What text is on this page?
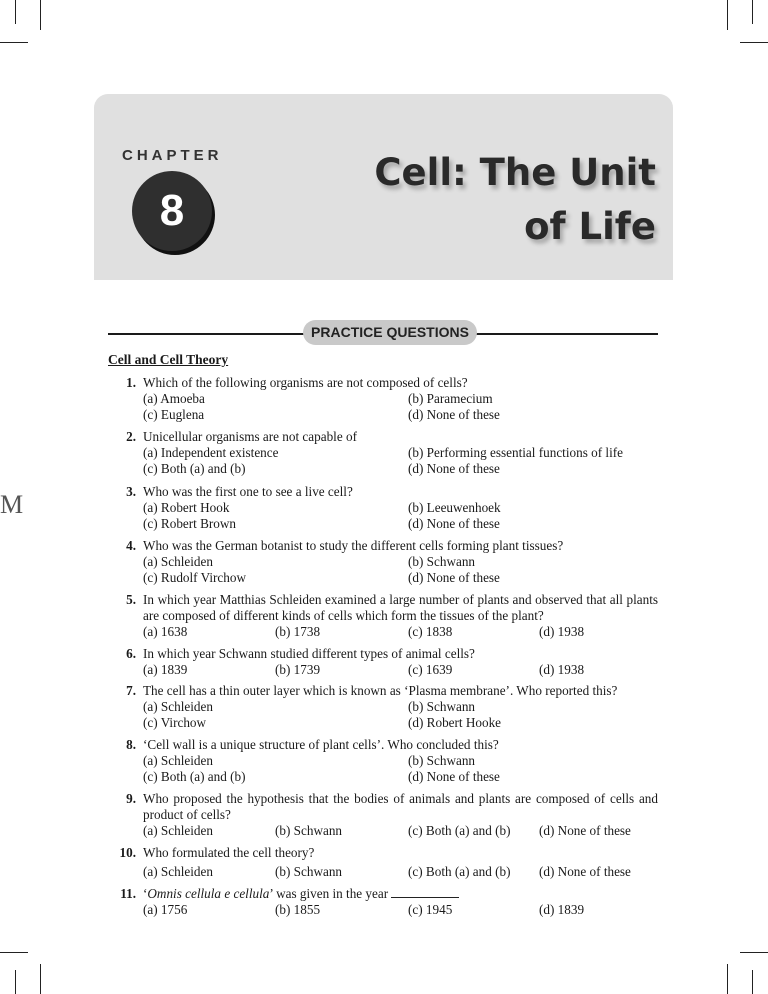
CHAPTER
8
Cell: The Unit
of Life
PRACTICE QUESTIONS
Cell and Cell Theory
M
1. Which of the following organisms are not composed of cells?
(a) Amoeba	(b) Paramecium
(c) Euglena	(d) None of these
2. Unicellular organisms are not capable of
(a) Independent existence	(b) Performing essential functions of life
(c) Both (a) and (b)	(d) None of these
3. Who was the first one to see a live cell?
(a) Robert Hook	(b) Leeuwenhoek
(c) Robert Brown	(d) None of these
4. Who was the German botanist to study the different cells forming plant tissues?
(a) Schleiden	(b) Schwann
(c) Rudolf Virchow	(d) None of these
5. In which year Matthias Schleiden examined a large number of plants and observed that all plants are composed of different kinds of cells which form the tissues of the plant?
(a) 1638	(b) 1738	(c) 1838	(d) 1938
6. In which year Schwann studied different types of animal cells?
(a) 1839	(b) 1739	(c) 1639	(d) 1938
7. The cell has a thin outer layer which is known as ‘Plasma membrane’. Who reported this?
(a) Schleiden	(b) Schwann
(c) Virchow	(d) Robert Hooke
8. ‘Cell wall is a unique structure of plant cells’. Who concluded this?
(a) Schleiden	(b) Schwann
(c) Both (a) and (b)	(d) None of these
9. Who proposed the hypothesis that the bodies of animals and plants are composed of cells and product of cells?
(a) Schleiden	(b) Schwann	(c) Both (a) and (b) (d) None of these
10. Who formulated the cell theory?
(a) Schleiden	(b) Schwann	(c) Both (a) and (b) (d) None of these
11. ‘Omnis cellula e cellula’ was given in the year
(a) 1756	(b) 1855	(c) 1945	(d) 1839
